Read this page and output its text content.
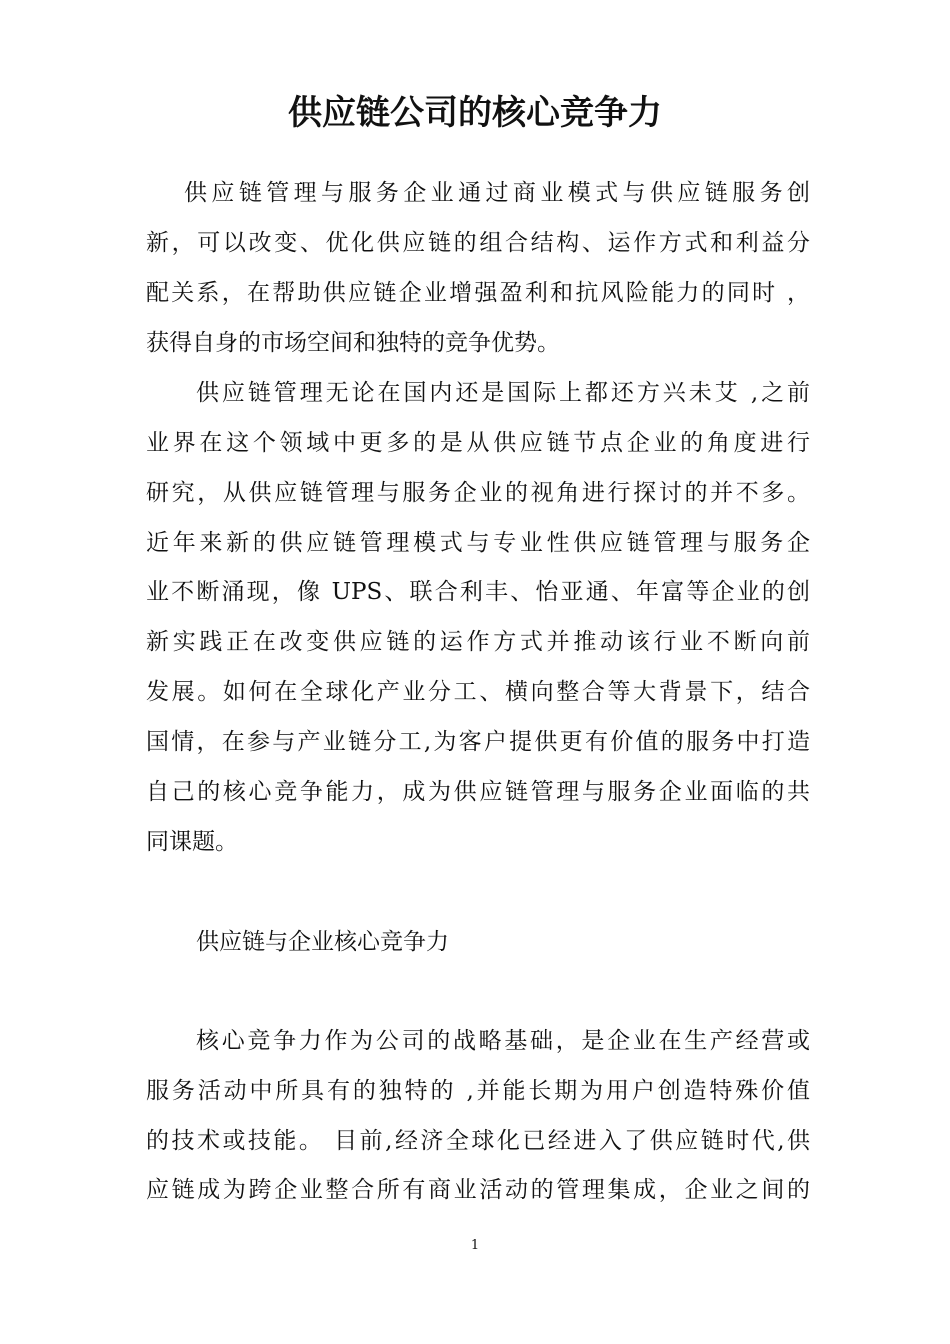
供应链公司的核心竞争力

供应链管理与服务企业通过商业模式与供应链服务创

新，可以改变、优化供应链的组合结构、运作方式和利益分

配关系，在帮助供应链企业增强盈利和抗风险能力的同时 ，

获得自身的市场空间和独特的竞争优势。

供应链管理无论在国内还是国际上都还方兴未艾 ,之前

业界在这个领域中更多的是从供应链节点企业的角度进行

研究，从供应链管理与服务企业的视角进行探讨的并不多。

近年来新的供应链管理模式与专业性供应链管理与服务企

业不断涌现，像 UPS、联合利丰、怡亚通、年富等企业的创

新实践正在改变供应链的运作方式并推动该行业不断向前

发展。如何在全球化产业分工、横向整合等大背景下，结合

国情，在参与产业链分工,为客户提供更有价值的服务中打造

自己的核心竞争能力，成为供应链管理与服务企业面临的共

同课题。

供应链与企业核心竞争力

核心竞争力作为公司的战略基础，是企业在生产经营或

服务活动中所具有的独特的 ,并能长期为用户创造特殊价值

的技术或技能。 目前,经济全球化已经进入了供应链时代,供

应链成为跨企业整合所有商业活动的管理集成，企业之间的

1
